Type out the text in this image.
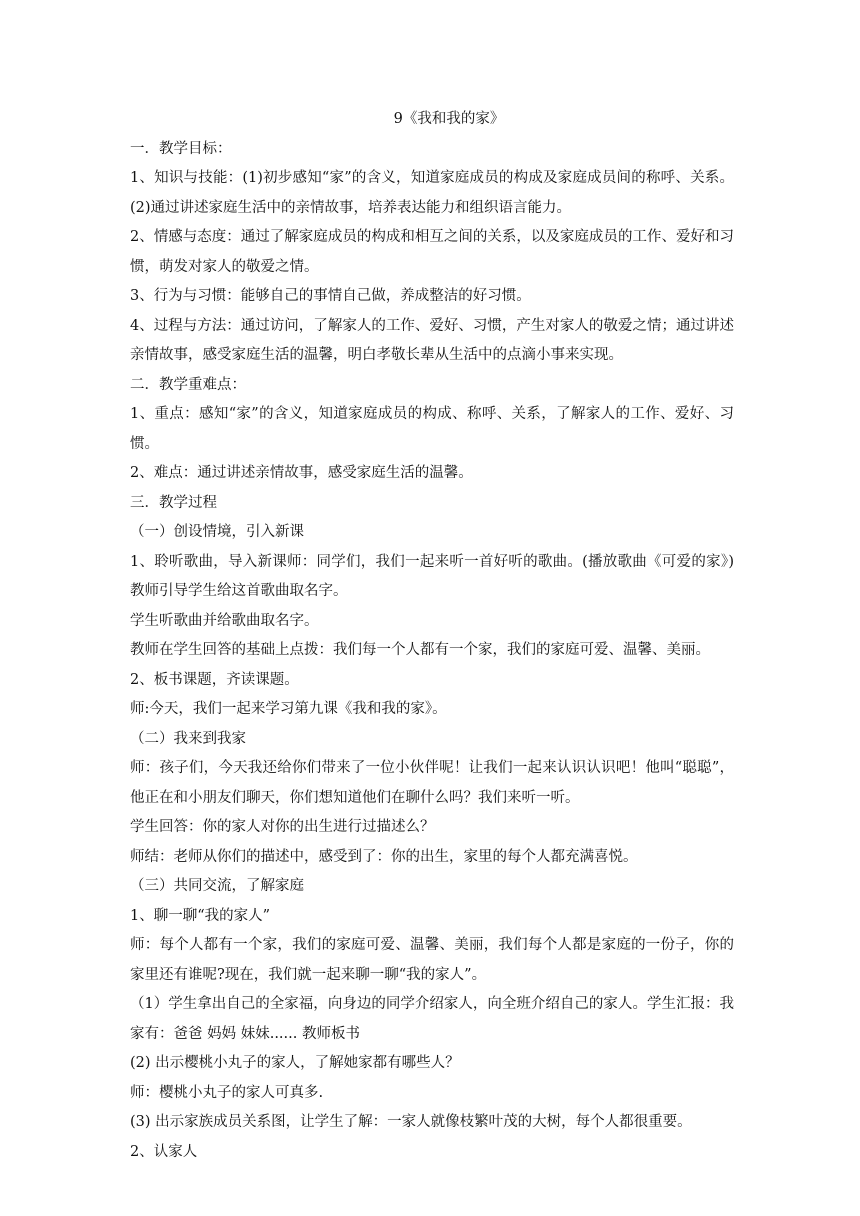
9《我和我的家》

一．教学目标：

1、知识与技能：(1)初步感知“家”的含义，知道家庭成员的构成及家庭成员间的称呼、关系。 (2)通过讲述家庭生活中的亲情故事，培养表达能力和组织语言能力。

2、情感与态度：通过了解家庭成员的构成和相互之间的关系，以及家庭成员的工作、爱好和习惯，萌发对家人的敬爱之情。

3、行为与习惯：能够自己的事情自己做，养成整洁的好习惯。

4、过程与方法：通过访问，了解家人的工作、爱好、习惯，产生对家人的敬爱之情；通过讲述亲情故事，感受家庭生活的温馨，明白孝敬长辈从生活中的点滴小事来实现。

二．教学重难点：

1、重点：感知“家”的含义，知道家庭成员的构成、称呼、关系，了解家人的工作、爱好、习惯。

2、难点：通过讲述亲情故事，感受家庭生活的温馨。

三．教学过程

（一）创设情境，引入新课

1、聆听歌曲，导入新课师：同学们，我们一起来听一首好听的歌曲。(播放歌曲《可爱的家》)教师引导学生给这首歌曲取名字。

学生听歌曲并给歌曲取名字。

教师在学生回答的基础上点拨：我们每一个人都有一个家，我们的家庭可爱、温馨、美丽。

2、板书课题，齐读课题。

师:今天，我们一起来学习第九课《我和我的家》。

（二）我来到我家

师：孩子们，今天我还给你们带来了一位小伙伴呢！让我们一起来认识认识吧！他叫“聪聪”，他正在和小朋友们聊天，你们想知道他们在聊什么吗？我们来听一听。

学生回答：你的家人对你的出生进行过描述么？

师结：老师从你们的描述中，感受到了：你的出生，家里的每个人都充满喜悦。

（三）共同交流，了解家庭

1、聊一聊“我的家人”

师：每个人都有一个家，我们的家庭可爱、温馨、美丽，我们每个人都是家庭的一份子，你的家里还有谁呢?现在，我们就一起来聊一聊“我的家人”。

（1）学生拿出自己的全家福，向身边的同学介绍家人，向全班介绍自己的家人。学生汇报：我家有：爸爸 妈妈 妹妹...... 教师板书

(2) 出示樱桃小丸子的家人，了解她家都有哪些人？

师：樱桃小丸子的家人可真多.

(3) 出示家族成员关系图，让学生了解：一家人就像枝繁叶茂的大树，每个人都很重要。

2、认家人
